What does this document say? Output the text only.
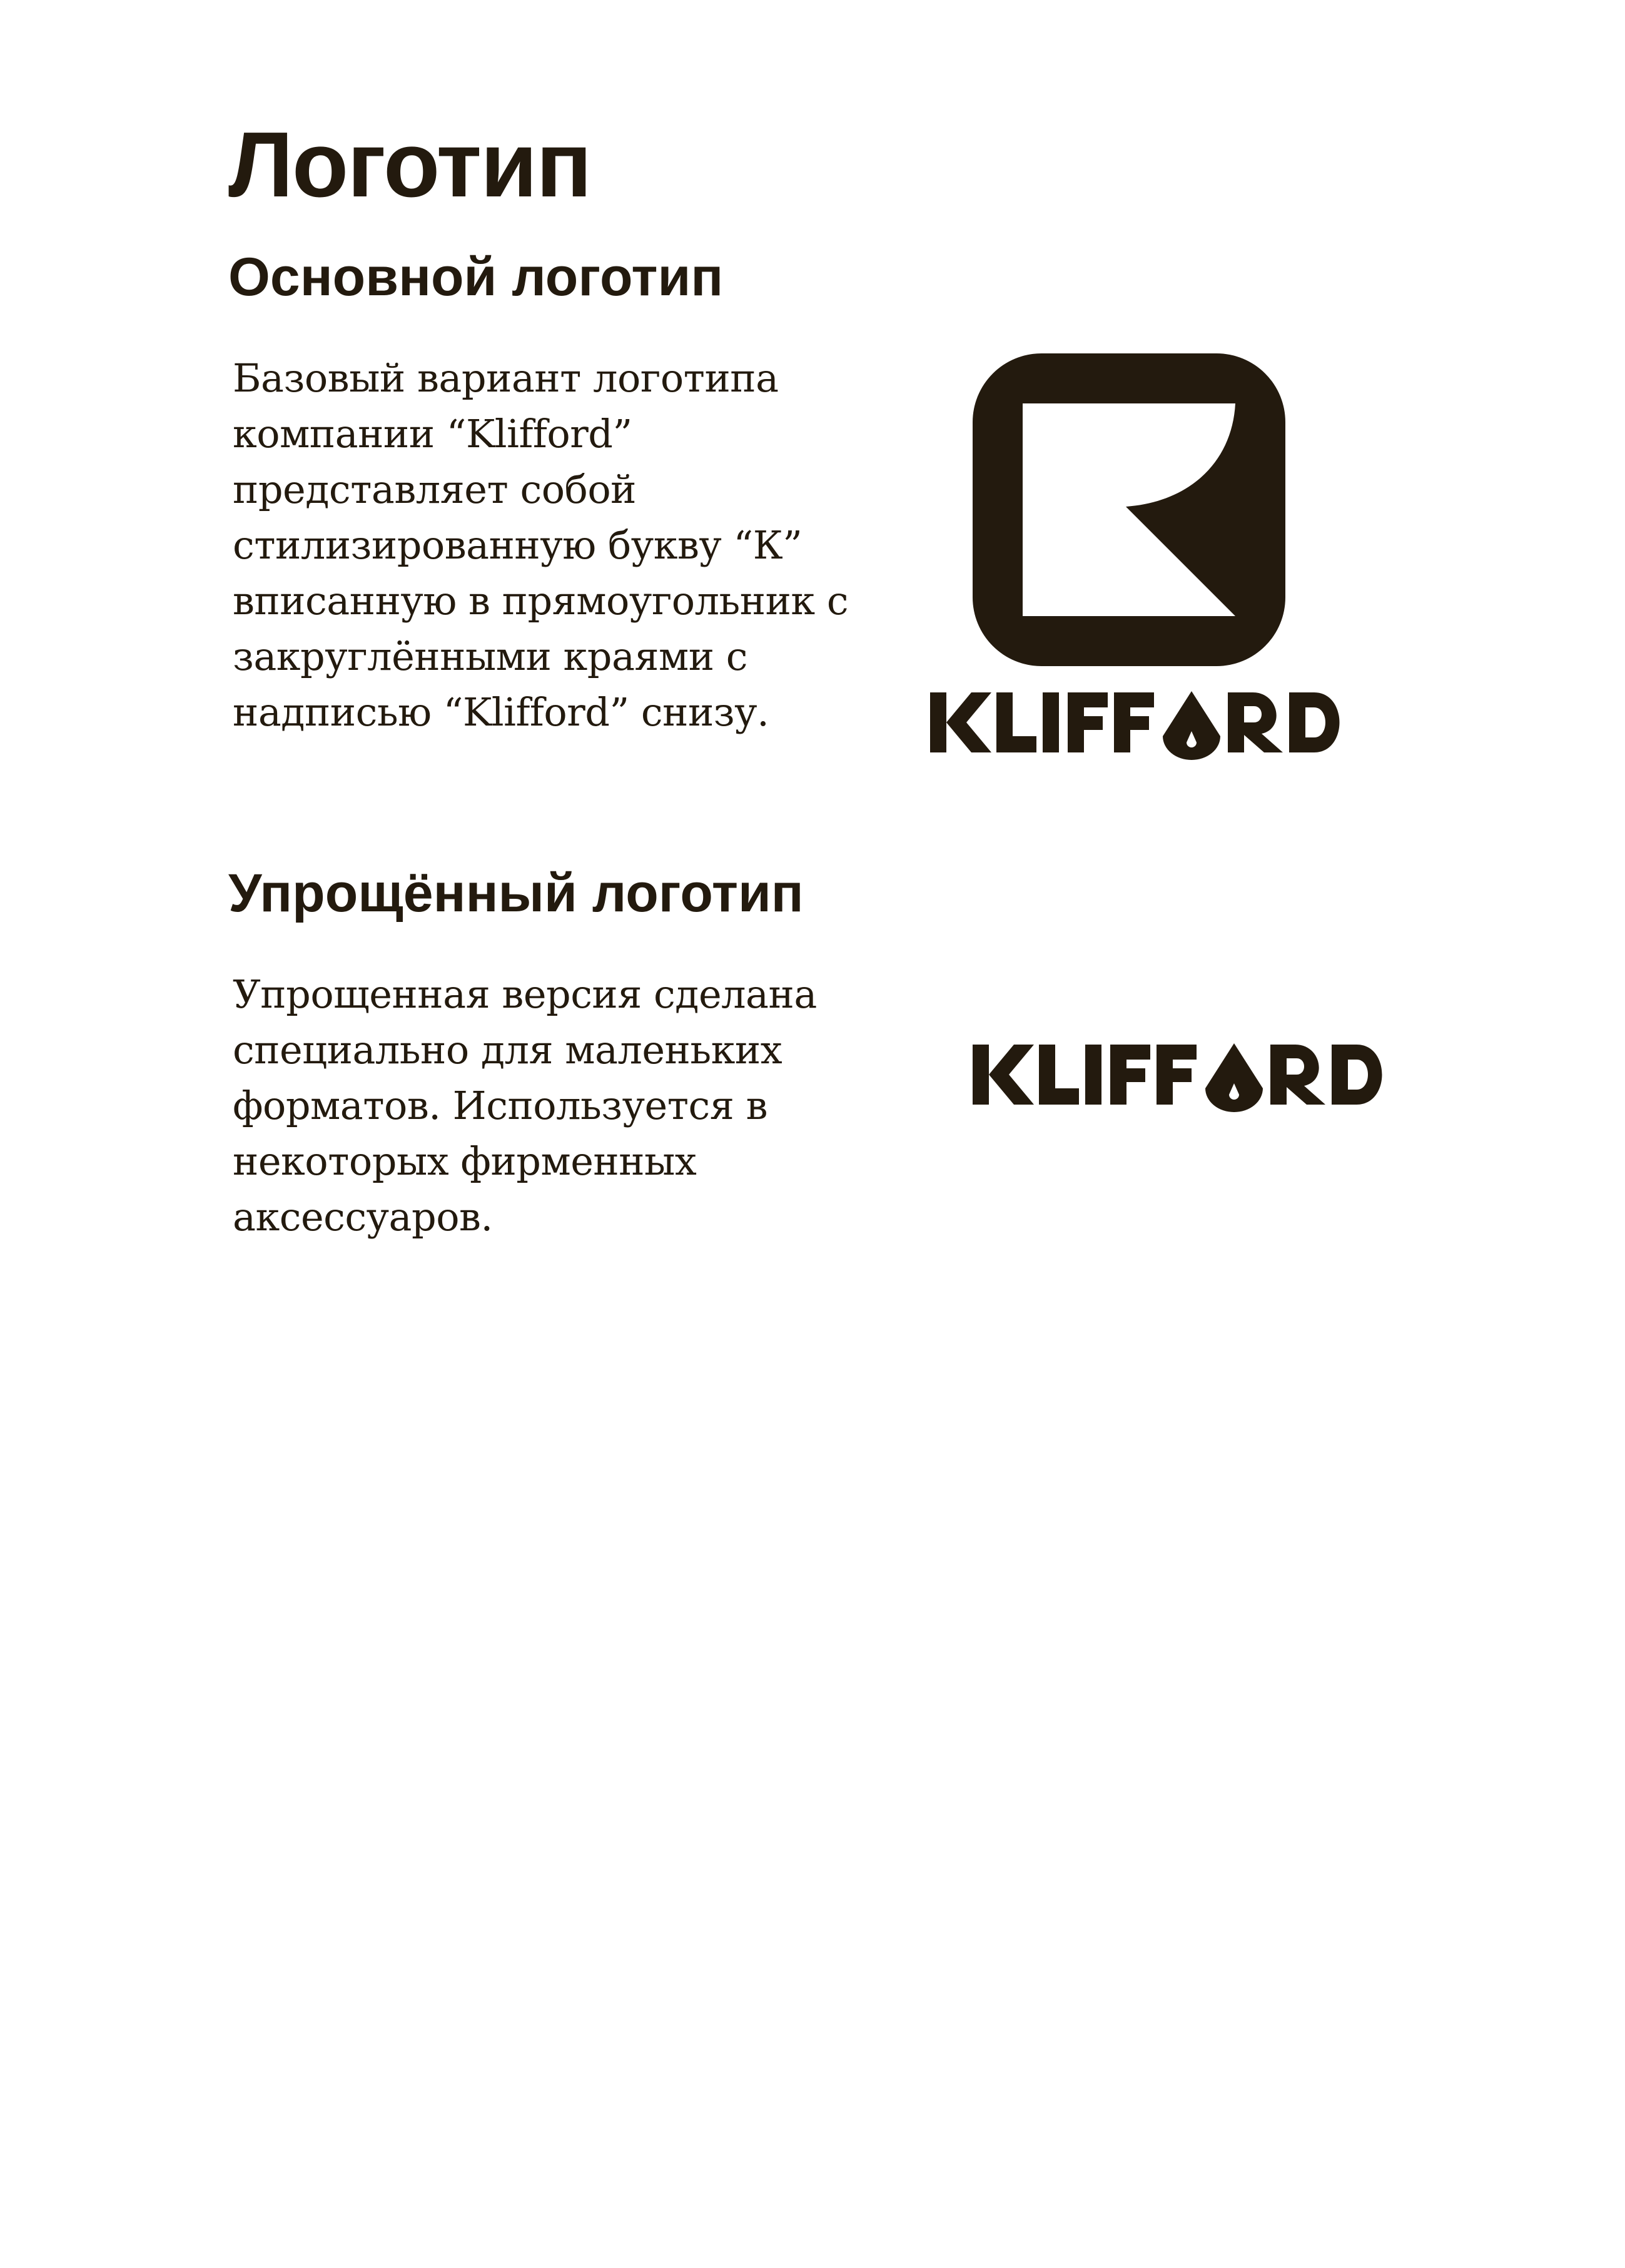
Логотип
Основной логотип

Базовый вариант логотипа
компании “Klifford”
представляет собой
стилизированную букву “К”
вписанную в прямоугольник с
закруглёнными краями с
надписью “Klifford” снизу.

Упрощённый логотип

Упрощенная версия сделана
специально для маленьких
форматов. Используется в
некоторых фирменных
аксессуаров.
